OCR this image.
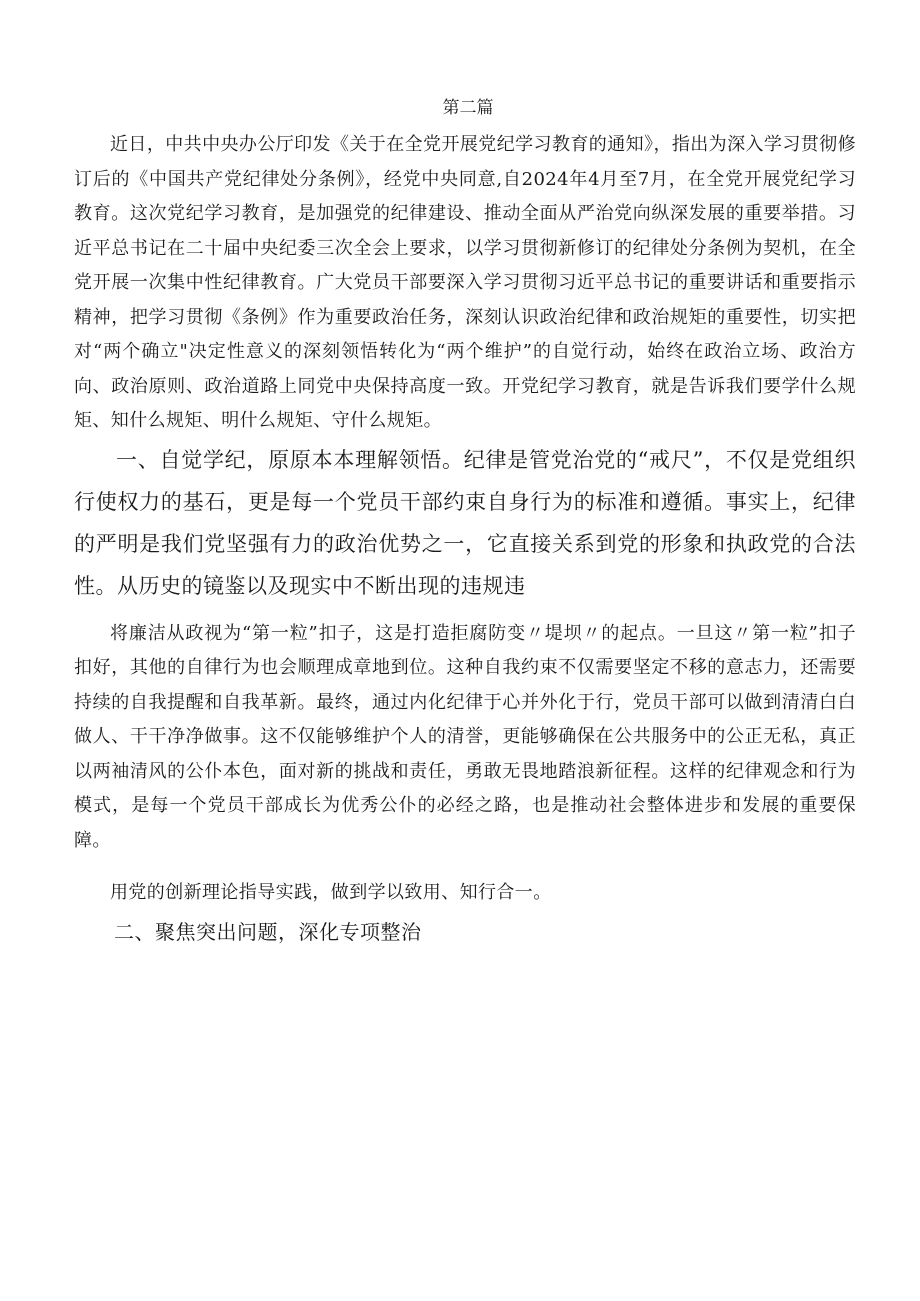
第二篇

近日，中共中央办公厅印发《关于在全党开展党纪学习教育的通知》，指出为深入学习贯彻修订后的《中国共产党纪律处分条例》，经党中央同意,自2024年4月至7月，在全党开展党纪学习教育。这次党纪学习教育，是加强党的纪律建设、推动全面从严治党向纵深发展的重要举措。习近平总书记在二十届中央纪委三次全会上要求，以学习贯彻新修订的纪律处分条例为契机，在全党开展一次集中性纪律教育。广大党员干部要深入学习贯彻习近平总书记的重要讲话和重要指示精神，把学习贯彻《条例》作为重要政治任务，深刻认识政治纪律和政治规矩的重要性，切实把对“两个确立"决定性意义的深刻领悟转化为“两个维护”的自觉行动，始终在政治立场、政治方向、政治原则、政治道路上同党中央保持高度一致。开党纪学习教育，就是告诉我们要学什么规矩、知什么规矩、明什么规矩、守什么规矩。

一、自觉学纪，原原本本理解领悟。纪律是管党治党的“戒尺”，不仅是党组织行使权力的基石，更是每一个党员干部约束自身行为的标准和遵循。事实上，纪律的严明是我们党坚强有力的政治优势之一，它直接关系到党的形象和执政党的合法性。从历史的镜鉴以及现实中不断出现的违规违

将廉洁从政视为“第一粒”扣子，这是打造拒腐防变〃堤坝〃的起点。一旦这〃第一粒”扣子扣好，其他的自律行为也会顺理成章地到位。这种自我约束不仅需要坚定不移的意志力，还需要持续的自我提醒和自我革新。最终，通过内化纪律于心并外化于行，党员干部可以做到清清白白做人、干干净净做事。这不仅能够维护个人的清誉，更能够确保在公共服务中的公正无私，真正以两袖清风的公仆本色，面对新的挑战和责任，勇敢无畏地踏浪新征程。这样的纪律观念和行为模式，是每一个党员干部成长为优秀公仆的必经之路，也是推动社会整体进步和发展的重要保障。

用党的创新理论指导实践，做到学以致用、知行合一。

二、聚焦突出问题，深化专项整治
